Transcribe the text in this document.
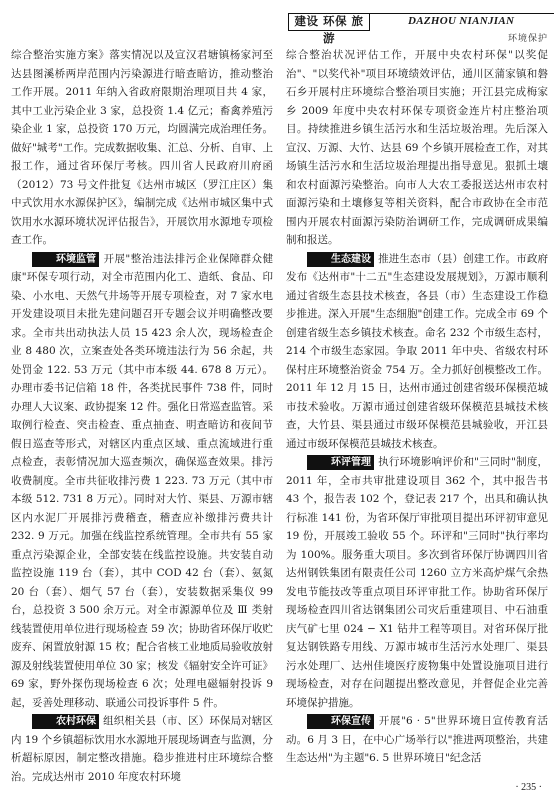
建设 环保 旅游
DAZHOU NIANJIAN
环境保护

综合整治实施方案》落实情况以及宣汉君塘镇杨家河至达县图溪桥两岸范围内污染源进行暗查暗访，推动整治工作开展。2011 年纳入省政府限期治理项目共 4 家，其中工业污染企业 3 家，总投资 1.4 亿元；畜禽养殖污染企业 1 家，总投资 170 万元，均圆满完成治理任务。做好"城考"工作。完成数据收集、汇总、分析、自审、上报工作，通过省环保厅考核。四川省人民政府川府函（2012）73 号文件批复《达州市城区（罗江庄区）集中式饮用水水源保护区》，编制完成《达州市城区集中式饮用水水源环境状况评估报告》，开展饮用水源地专项检查工作。

环境监管 开展"整治违法排污企业保障群众健康"环保专项行动，对全市范围内化工、造纸、食品、印染、小水电、天然气井场等开展专项检查，对 7 家水电开发建设项目未批先建问题召开专题会议并明确整改要求。全市共出动执法人员 15 423 余人次，现场检查企业 8 480 次，立案查处各类环境违法行为 56 余起，共处罚金 122. 53 万元（其中市本级 44. 678 8 万元）。办理市委书记信箱 18 件，各类扰民事件 738 件，同时办理人大议案、政协提案 12 件。强化日常巡查监管。采取例行检查、突击检查、重点抽查、明查暗访和夜间节假日巡查等形式，对辖区内重点区域、重点流域进行重点检查，表彰情况加大巡查频次，确保巡查效果。排污收费制度。全市共征收排污费 1 223. 73 万元（其中市本级 512. 731 8 万元）。同时对大竹、渠县、万源市辖区内水泥厂开展排污费稽查，稽查应补缴排污费共计 232. 9 万元。加强在线监控系统管理。全市共有 55 家重点污染源企业，全部安装在线监控设施。共安装自动监控设施 119 台（套），其中 COD 42 台（套）、氨氮 20 台（套）、烟气 57 台（套），安装数据采集仪 99 台，总投资 3 500 余万元。对全市源源单位及 Ⅲ 类射线装置使用单位进行现场检查 59 次；协助省环保厅收贮废弃、闲置放射源 15 枚；配合省核工业地质局验收放射源及射线装置使用单位 30 家；核发《辐射安全许可证》69 家，野外探伤现场检查 6 次；处理电磁辐射投诉 9 起，妥善处理移动、联通公司投诉事件 5 件。

农村环保 组织相关县（市、区）环保局对辖区内 19 个乡镇超标饮用水水源地开展现场调查与监测，分析超标原因，制定整改措施。稳步推进村庄环境综合整治。完成达州市 2010 年度农村环境

综合整治状况评估工作，开展中央农村环保"以奖促治"、"以奖代补"项目环境绩效评估，通川区蒲家镇和磐石乡开展村庄环境综合整治项目实施；开江县完成梅家乡 2009 年度中央农村环保专项资金连片村庄整治项目。持续推进乡镇生活污水和生活垃圾治理。先后深入宣汉、万源、大竹、达县 69 个乡镇开展检查工作，对其场镇生活污水和生活垃圾治理提出指导意见。狠抓土壤和农村面源污染整治。向市人大农工委报送达州市农村面源污染和土壤修复等相关资料，配合市政协在全市范围内开展农村面源污染防治调研工作，完成调研成果编制和报送。

生态建设 推进生态市（县）创建工作。市政府发布《达州市"十二五"生态建设发展规划》，万源市顺利通过省级生态县技术核查，各县（市）生态建设工作稳步推进。深入开展"生态细胞"创建工作。完成全市 69 个创建省级生态乡镇技术核查。命名 232 个市级生态村，214 个市级生态家园。争取 2011 年中央、省级农村环保村庄环境整治资金 754 万。全力抓好创模整改工作。2011 年 12 月 15 日，达州市通过创建省级环保模范城市技术验收。万源市通过创建省级环保模范县城技术核查，大竹县、渠县通过市级环保模范县城验收，开江县通过市级环保模范县城技术核查。

环评管理 执行环境影响评价和"三同时"制度，2011 年，全市共审批建设项目 362 个，其中报告书 43 个，报告表 102 个，登记表 217 个，出具和确认执行标准 141 份，为省环保厅审批项目提出环评初审意见 19 份，开展竣工验收 55 个。环评和"三同时"执行率均为 100%。服务重大项目。多次到省环保厅协调四川省达州钢铁集团有限责任公司 1260 立方米高炉煤气余热发电节能技改等重点项目环评审批工作。协助省环保厅现场检查四川省达钢集团公司灾后重建项目、中石油重庆气矿七里 024 − X1 钻井工程等项目。对省环保厅批复达钢铁路专用线、万源市城市生活污水处理厂、渠县污水处理厂、达州佳境医疗废物集中处置设施项目进行现场检查，对存在问题提出整改意见，并督促企业完善环境保护措施。

环保宣传 开展"6 · 5"世界环境日宣传教育活动。6 月 3 日，在中心广场举行以"推进两项整治，共建生态达州"为主题"6. 5 世界环境日"纪念活

· 235 ·
